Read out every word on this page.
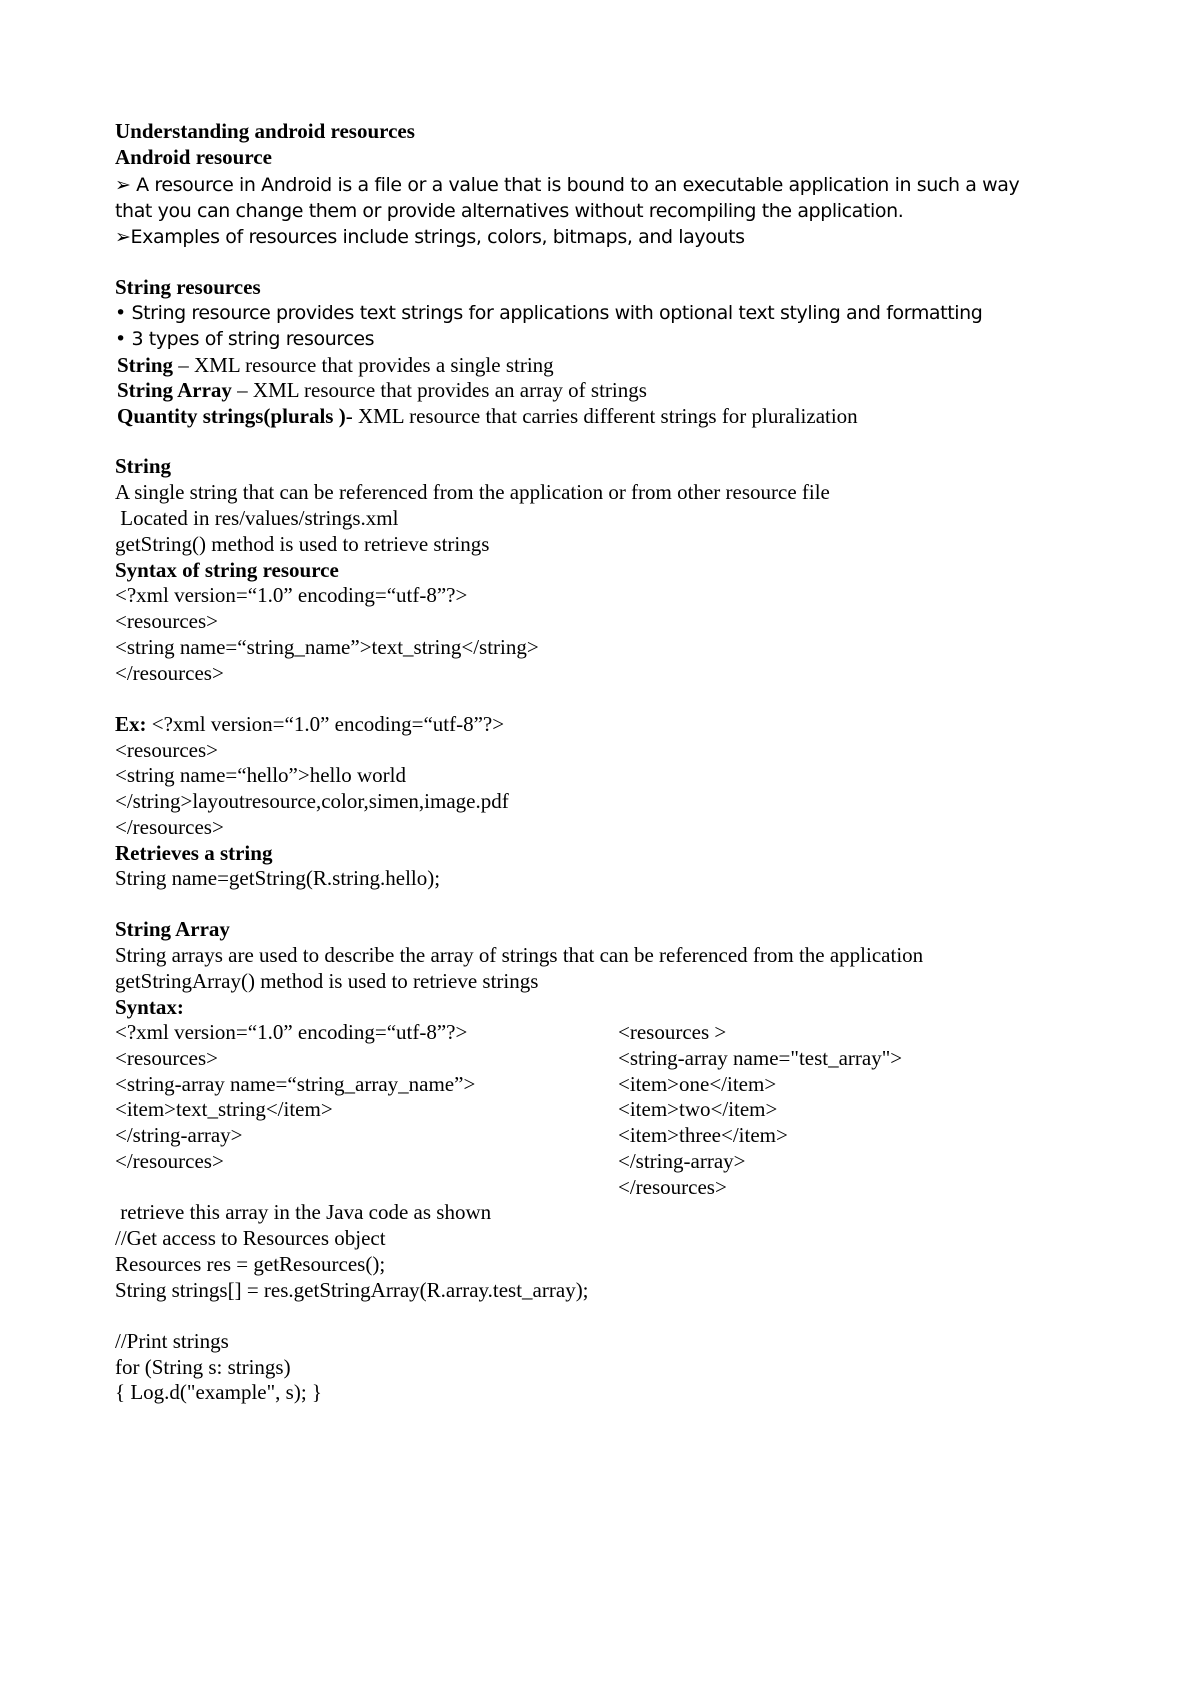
Understanding android resources
Android resource
➢ A resource in Android is a file or a value that is bound to an executable application in such a way
that you can change them or provide alternatives without recompiling the application.
➢Examples of resources include strings, colors, bitmaps, and layouts
String resources
• String resource provides text strings for applications with optional text styling and formatting
• 3 types of string resources
String – XML resource that provides a single string
String Array – XML resource that provides an array of strings
Quantity strings(plurals )- XML resource that carries different strings for pluralization
String
A single string that can be referenced from the application or from other resource file
Located in res/values/strings.xml
getString() method is used to retrieve strings
Syntax of string resource
<?xml version=“1.0” encoding=“utf-8”?>
<resources>
<string name=“string_name”>text_string</string>
</resources>
Ex: <?xml version=“1.0” encoding=“utf-8”?>
<resources>
<string name=“hello”>hello world
</string>layoutresource,color,simen,image.pdf
</resources>
Retrieves a string
String name=getString(R.string.hello);
String Array
String arrays are used to describe the array of strings that can be referenced from the application
getStringArray() method is used to retrieve strings
Syntax:
<?xml version=“1.0” encoding=“utf-8”?>
<resources>
<string-array name=“string_array_name”>
<item>text_string</item>
</string-array>
</resources>
<resources >
<string-array name="test_array">
<item>one</item>
<item>two</item>
<item>three</item>
</string-array>
</resources>
retrieve this array in the Java code as shown
//Get access to Resources object
Resources res = getResources();
String strings[] = res.getStringArray(R.array.test_array);
//Print strings
for (String s: strings)
{ Log.d("example", s); }
